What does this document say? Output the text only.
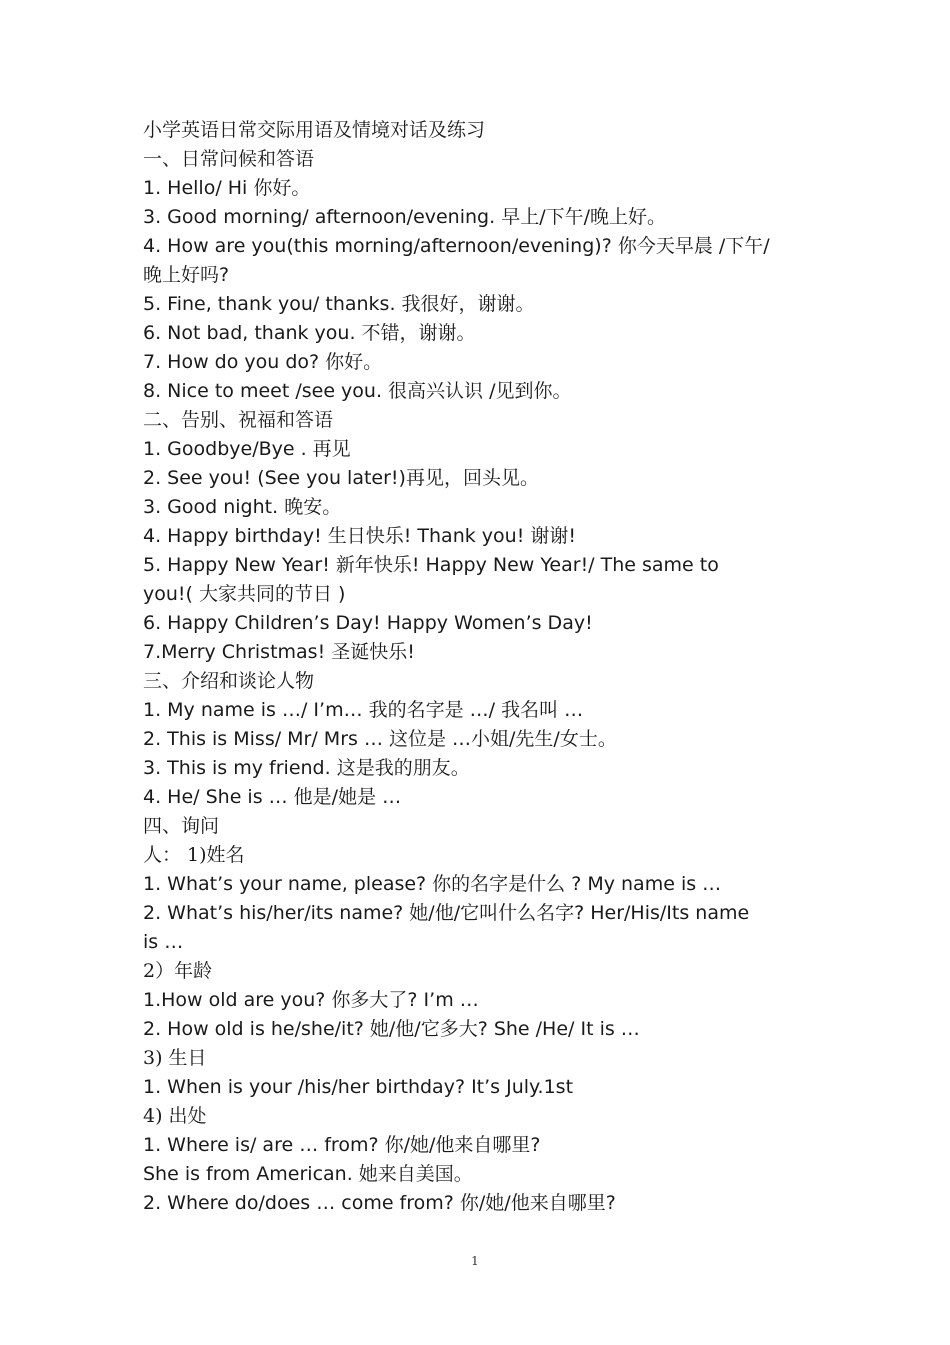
小学英语日常交际用语及情境对话及练习
一、日常问候和答语
1. Hello/ Hi 你好。
3. Good morning/ afternoon/evening. 早上/下午/晚上好。
4. How are you(this morning/afternoon/evening)? 你今天早晨 /下午/
晚上好吗?
5. Fine, thank you/ thanks. 我很好，谢谢。
6. Not bad, thank you. 不错，谢谢。
7. How do you do? 你好。
8. Nice to meet /see you. 很高兴认识 /见到你。
二、告别、祝福和答语
1. Goodbye/Bye . 再见
2. See you! (See you later!)再见，回头见。
3. Good night. 晚安。
4. Happy birthday! 生日快乐! Thank you! 谢谢!
5. Happy New Year! 新年快乐! Happy New Year!/ The same to
you!( 大家共同的节日 )
6. Happy Children’s Day! Happy Women’s Day!
7.Merry Christmas! 圣诞快乐!
三、介绍和谈论人物
1. My name is …/ I’m… 我的名字是 …/ 我名叫 …
2. This is Miss/ Mr/ Mrs … 这位是 …小姐/先生/女士。
3. This is my friend. 这是我的朋友。
4. He/ She is … 他是/她是 …
四、询问
人： 1)姓名
1. What’s your name, please? 你的名字是什么 ? My name is …
2. What’s his/her/its name? 她/他/它叫什么名字? Her/His/Its name
is …
2）年龄
1.How old are you? 你多大了? I’m …
2. How old is he/she/it? 她/他/它多大? She /He/ It is …
3) 生日
1. When is your /his/her birthday? It’s July.1st
4) 出处
1. Where is/ are … from? 你/她/他来自哪里?
She is from American. 她来自美国。
2. Where do/does … come from? 你/她/他来自哪里?
1
